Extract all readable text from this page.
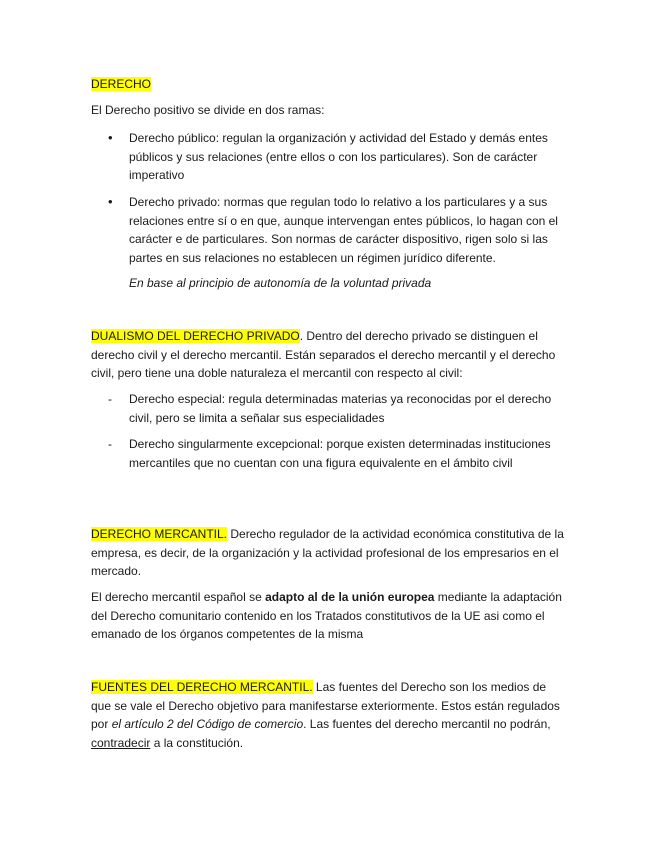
DERECHO
El Derecho positivo se divide en dos ramas:
•	Derecho público: regulan la organización y actividad del Estado y demás entes públicos y sus relaciones (entre ellos o con los particulares). Son de carácter imperativo
•	Derecho privado: normas que regulan todo lo relativo a los particulares y a sus relaciones entre sí o en que, aunque intervengan entes públicos, lo hagan con el carácter e de particulares. Son normas de carácter dispositivo, rigen solo si las partes en sus relaciones no establecen un régimen jurídico diferente.
En base al principio de autonomía de la voluntad privada
DUALISMO DEL DERECHO PRIVADO. Dentro del derecho privado se distinguen el derecho civil y el derecho mercantil. Están separados el derecho mercantil y el derecho civil, pero tiene una doble naturaleza el mercantil con respecto al civil:
-	Derecho especial: regula determinadas materias ya reconocidas por el derecho civil, pero se limita a señalar sus especialidades
-	Derecho singularmente excepcional: porque existen determinadas instituciones mercantiles que no cuentan con una figura equivalente en el ámbito civil
DERECHO MERCANTIL. Derecho regulador de la actividad económica constitutiva de la empresa, es decir, de la organización y la actividad profesional de los empresarios en el mercado.
El derecho mercantil español se adapto al de la unión europea mediante la adaptación del Derecho comunitario contenido en los Tratados constitutivos de la UE asi como el emanado de los órganos competentes de la misma
FUENTES DEL DERECHO MERCANTIL. Las fuentes del Derecho son los medios de que se vale el Derecho objetivo para manifestarse exteriormente. Estos están regulados por el artículo 2 del Código de comercio. Las fuentes del derecho mercantil no podrán, contradecir a la constitución.
